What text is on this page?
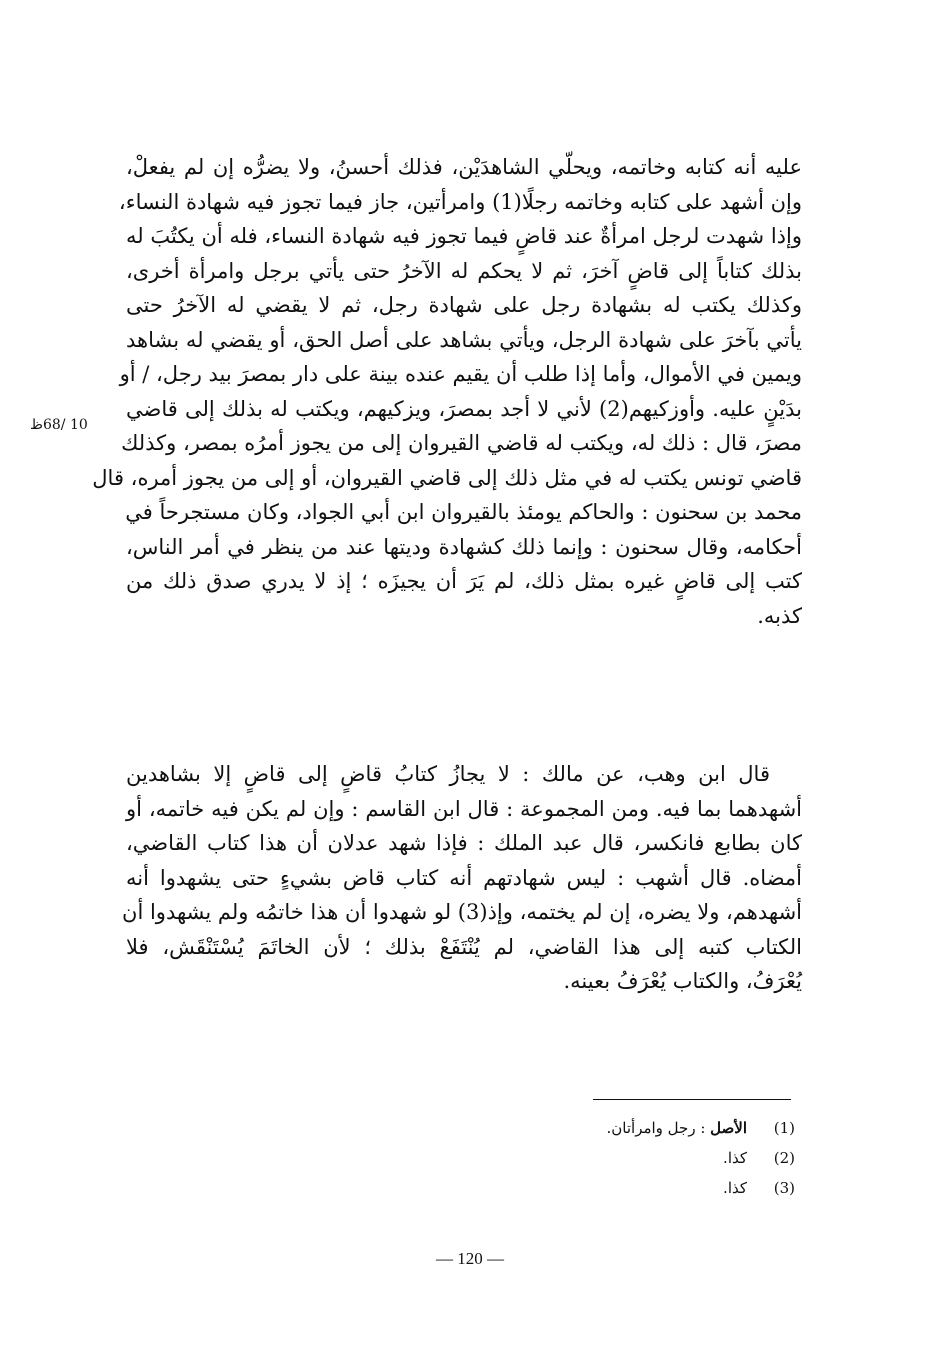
10 /68ظ
عليه أنه كتابه وخاتمه، ويحلّي الشاهدَيْن، فذلك أحسنُ، ولا يضرُّه إن لم يفعلْ،
وإن أشهد على كتابه وخاتمه رجلًا(1) وامرأتين، جاز فيما تجوز فيه شهادة النساء،
وإذا شهدت لرجل امرأةٌ عند قاضٍ فيما تجوز فيه شهادة النساء، فله أن يكتُبَ له
بذلك كتاباً إلى قاضٍ آخرَ، ثم لا يحكم له الآخرُ حتى يأتي برجل وامرأة أخرى،
وكذلك يكتب له بشهادة رجل على شهادة رجل، ثم لا يقضي له الآخرُ حتى
يأتي بآخرَ على شهادة الرجل، ويأتي بشاهد على أصل الحق، أو يقضي له بشاهد
ويمين في الأموال، وأما إذا طلب أن يقيم عنده بينة على دار بمصرَ بيد رجل، / أو
بدَيْنٍ عليه. وأوزكيهم(2) لأني لا أجد بمصرَ، ويزكيهم، ويكتب له بذلك إلى قاضي
مصرَ، قال : ذلك له، ويكتب له قاضي القيروان إلى من يجوز أمرُه بمصر، وكذلك
قاضي تونس يكتب له في مثل ذلك إلى قاضي القيروان، أو إلى من يجوز أمره، قال
محمد بن سحنون : والحاكم يومئذ بالقيروان ابن أبي الجواد، وكان مستجرحاً في
أحكامه، وقال سحنون : وإنما ذلك كشهادة وديتها عند من ينظر في أمر الناس،
كتب إلى قاضٍ غيره بمثل ذلك، لم يَرَ أن يجيزَه ؛ إذ لا يدري صدق ذلك من
كذبه.
قال ابن وهب، عن مالك : لا يجازُ كتابُ قاضٍ إلى قاضٍ إلا بشاهدين
أشهدهما بما فيه. ومن المجموعة : قال ابن القاسم : وإن لم يكن فيه خاتمه، أو
كان بطابع فانكسر، قال عبد الملك : فإذا شهد عدلان أن هذا كتاب القاضي،
أمضاه. قال أشهب : ليس شهادتهم أنه كتاب قاض بشيءٍ حتى يشهدوا أنه
أشهدهم، ولا يضره، إن لم يختمه، وإذ(3) لو شهدوا أن هذا خاتمُه ولم يشهدوا أن
الكتاب كتبه إلى هذا القاضي، لم يُنْتَفَعْ بذلك ؛ لأن الخاتَمَ يُسْتَنْقَش، فلا
يُعْرَفُ، والكتاب يُعْرَفُ بعينه.
(1)
الأصل : رجل وامرأتان.
(2)
كذا.
(3)
كذا.
— 120 —
